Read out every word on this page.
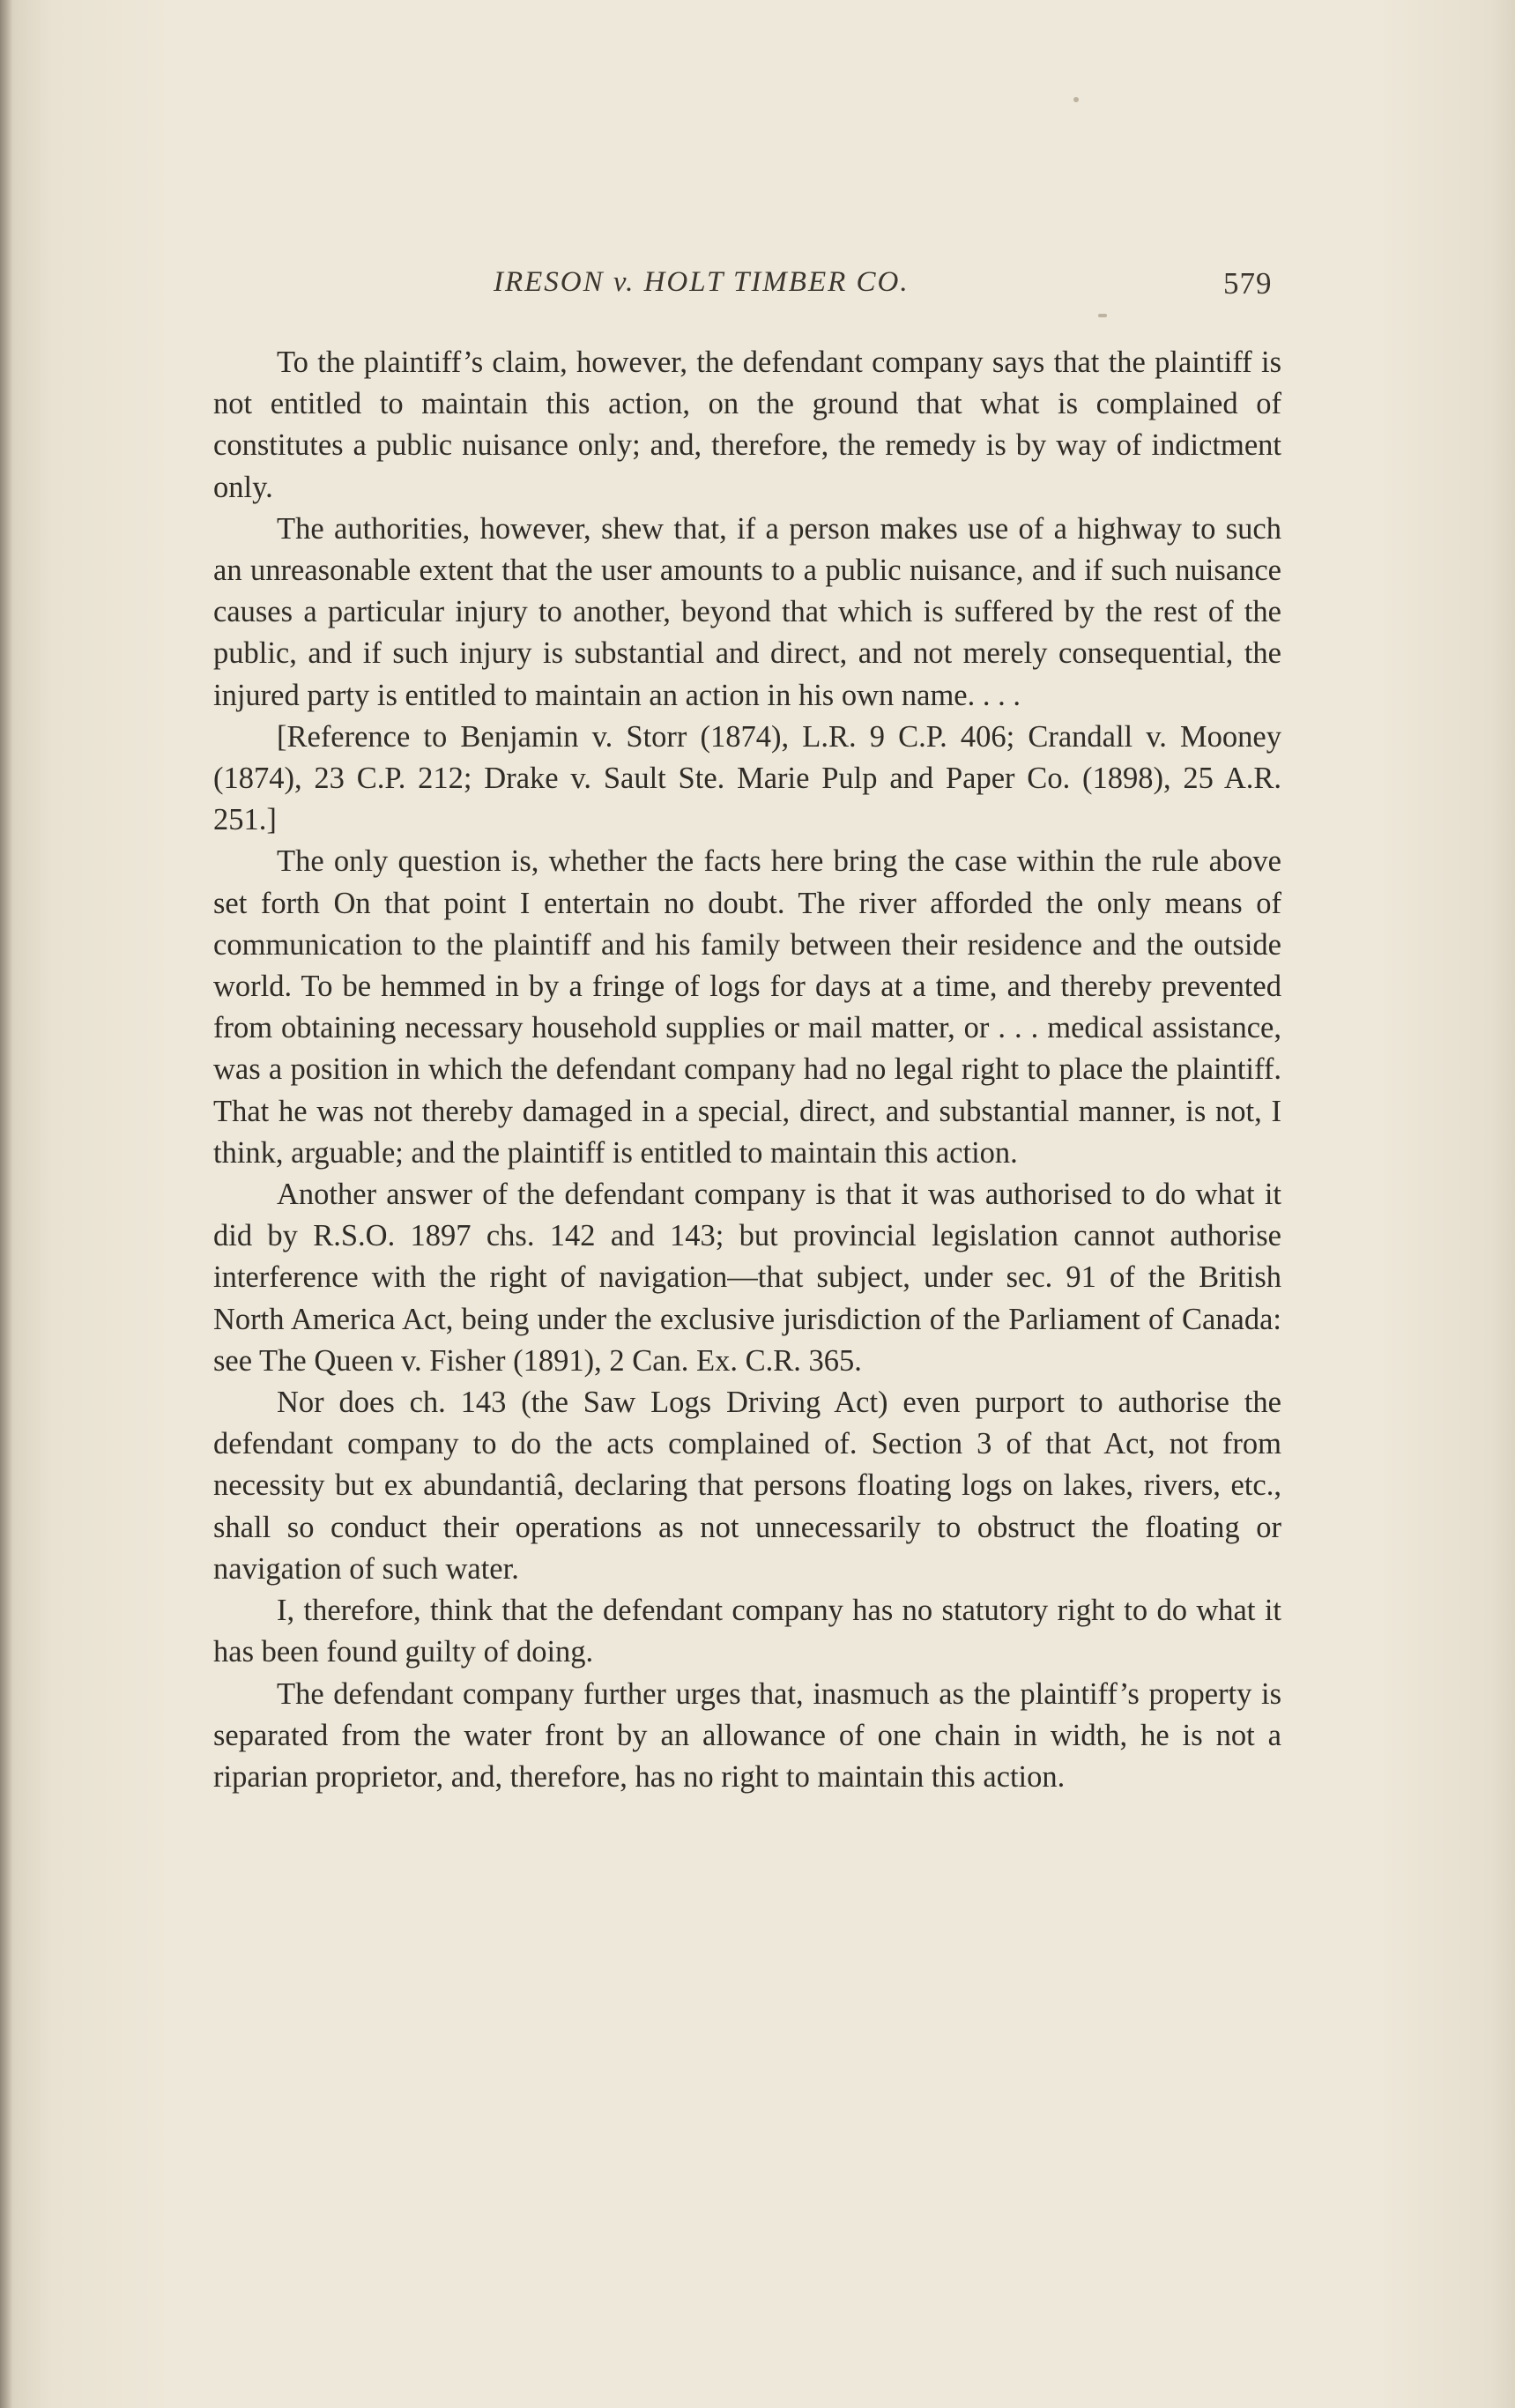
IRESON v. HOLT TIMBER CO.	579

To the plaintiff’s claim, however, the defendant company says that the plaintiff is not entitled to maintain this action, on the ground that what is complained of constitutes a public nuisance only; and, therefore, the remedy is by way of indictment only.

The authorities, however, shew that, if a person makes use of a highway to such an unreasonable extent that the user amounts to a public nuisance, and if such nuisance causes a particular injury to another, beyond that which is suffered by the rest of the public, and if such injury is substantial and direct, and not merely consequential, the injured party is entitled to maintain an action in his own name. . . .

[Reference to Benjamin v. Storr (1874), L.R. 9 C.P. 406; Crandall v. Mooney (1874), 23 C.P. 212; Drake v. Sault Ste. Marie Pulp and Paper Co. (1898), 25 A.R. 251.]

The only question is, whether the facts here bring the case within the rule above set forth On that point I entertain no doubt. The river afforded the only means of communication to the plaintiff and his family between their residence and the outside world. To be hemmed in by a fringe of logs for days at a time, and thereby prevented from obtaining necessary household supplies or mail matter, or . . . medical assistance, was a position in which the defendant company had no legal right to place the plaintiff. That he was not thereby damaged in a special, direct, and substantial manner, is not, I think, arguable; and the plaintiff is entitled to maintain this action.

Another answer of the defendant company is that it was authorised to do what it did by R.S.O. 1897 chs. 142 and 143; but provincial legislation cannot authorise interference with the right of navigation—that subject, under sec. 91 of the British North America Act, being under the exclusive jurisdiction of the Parliament of Canada: see The Queen v. Fisher (1891), 2 Can. Ex. C.R. 365.

Nor does ch. 143 (the Saw Logs Driving Act) even purport to authorise the defendant company to do the acts complained of. Section 3 of that Act, not from necessity but ex abundantiâ, declaring that persons floating logs on lakes, rivers, etc., shall so conduct their operations as not unnecessarily to obstruct the floating or navigation of such water.

I, therefore, think that the defendant company has no statutory right to do what it has been found guilty of doing.

The defendant company further urges that, inasmuch as the plaintiff’s property is separated from the water front by an allowance of one chain in width, he is not a riparian proprietor, and, therefore, has no right to maintain this action.
